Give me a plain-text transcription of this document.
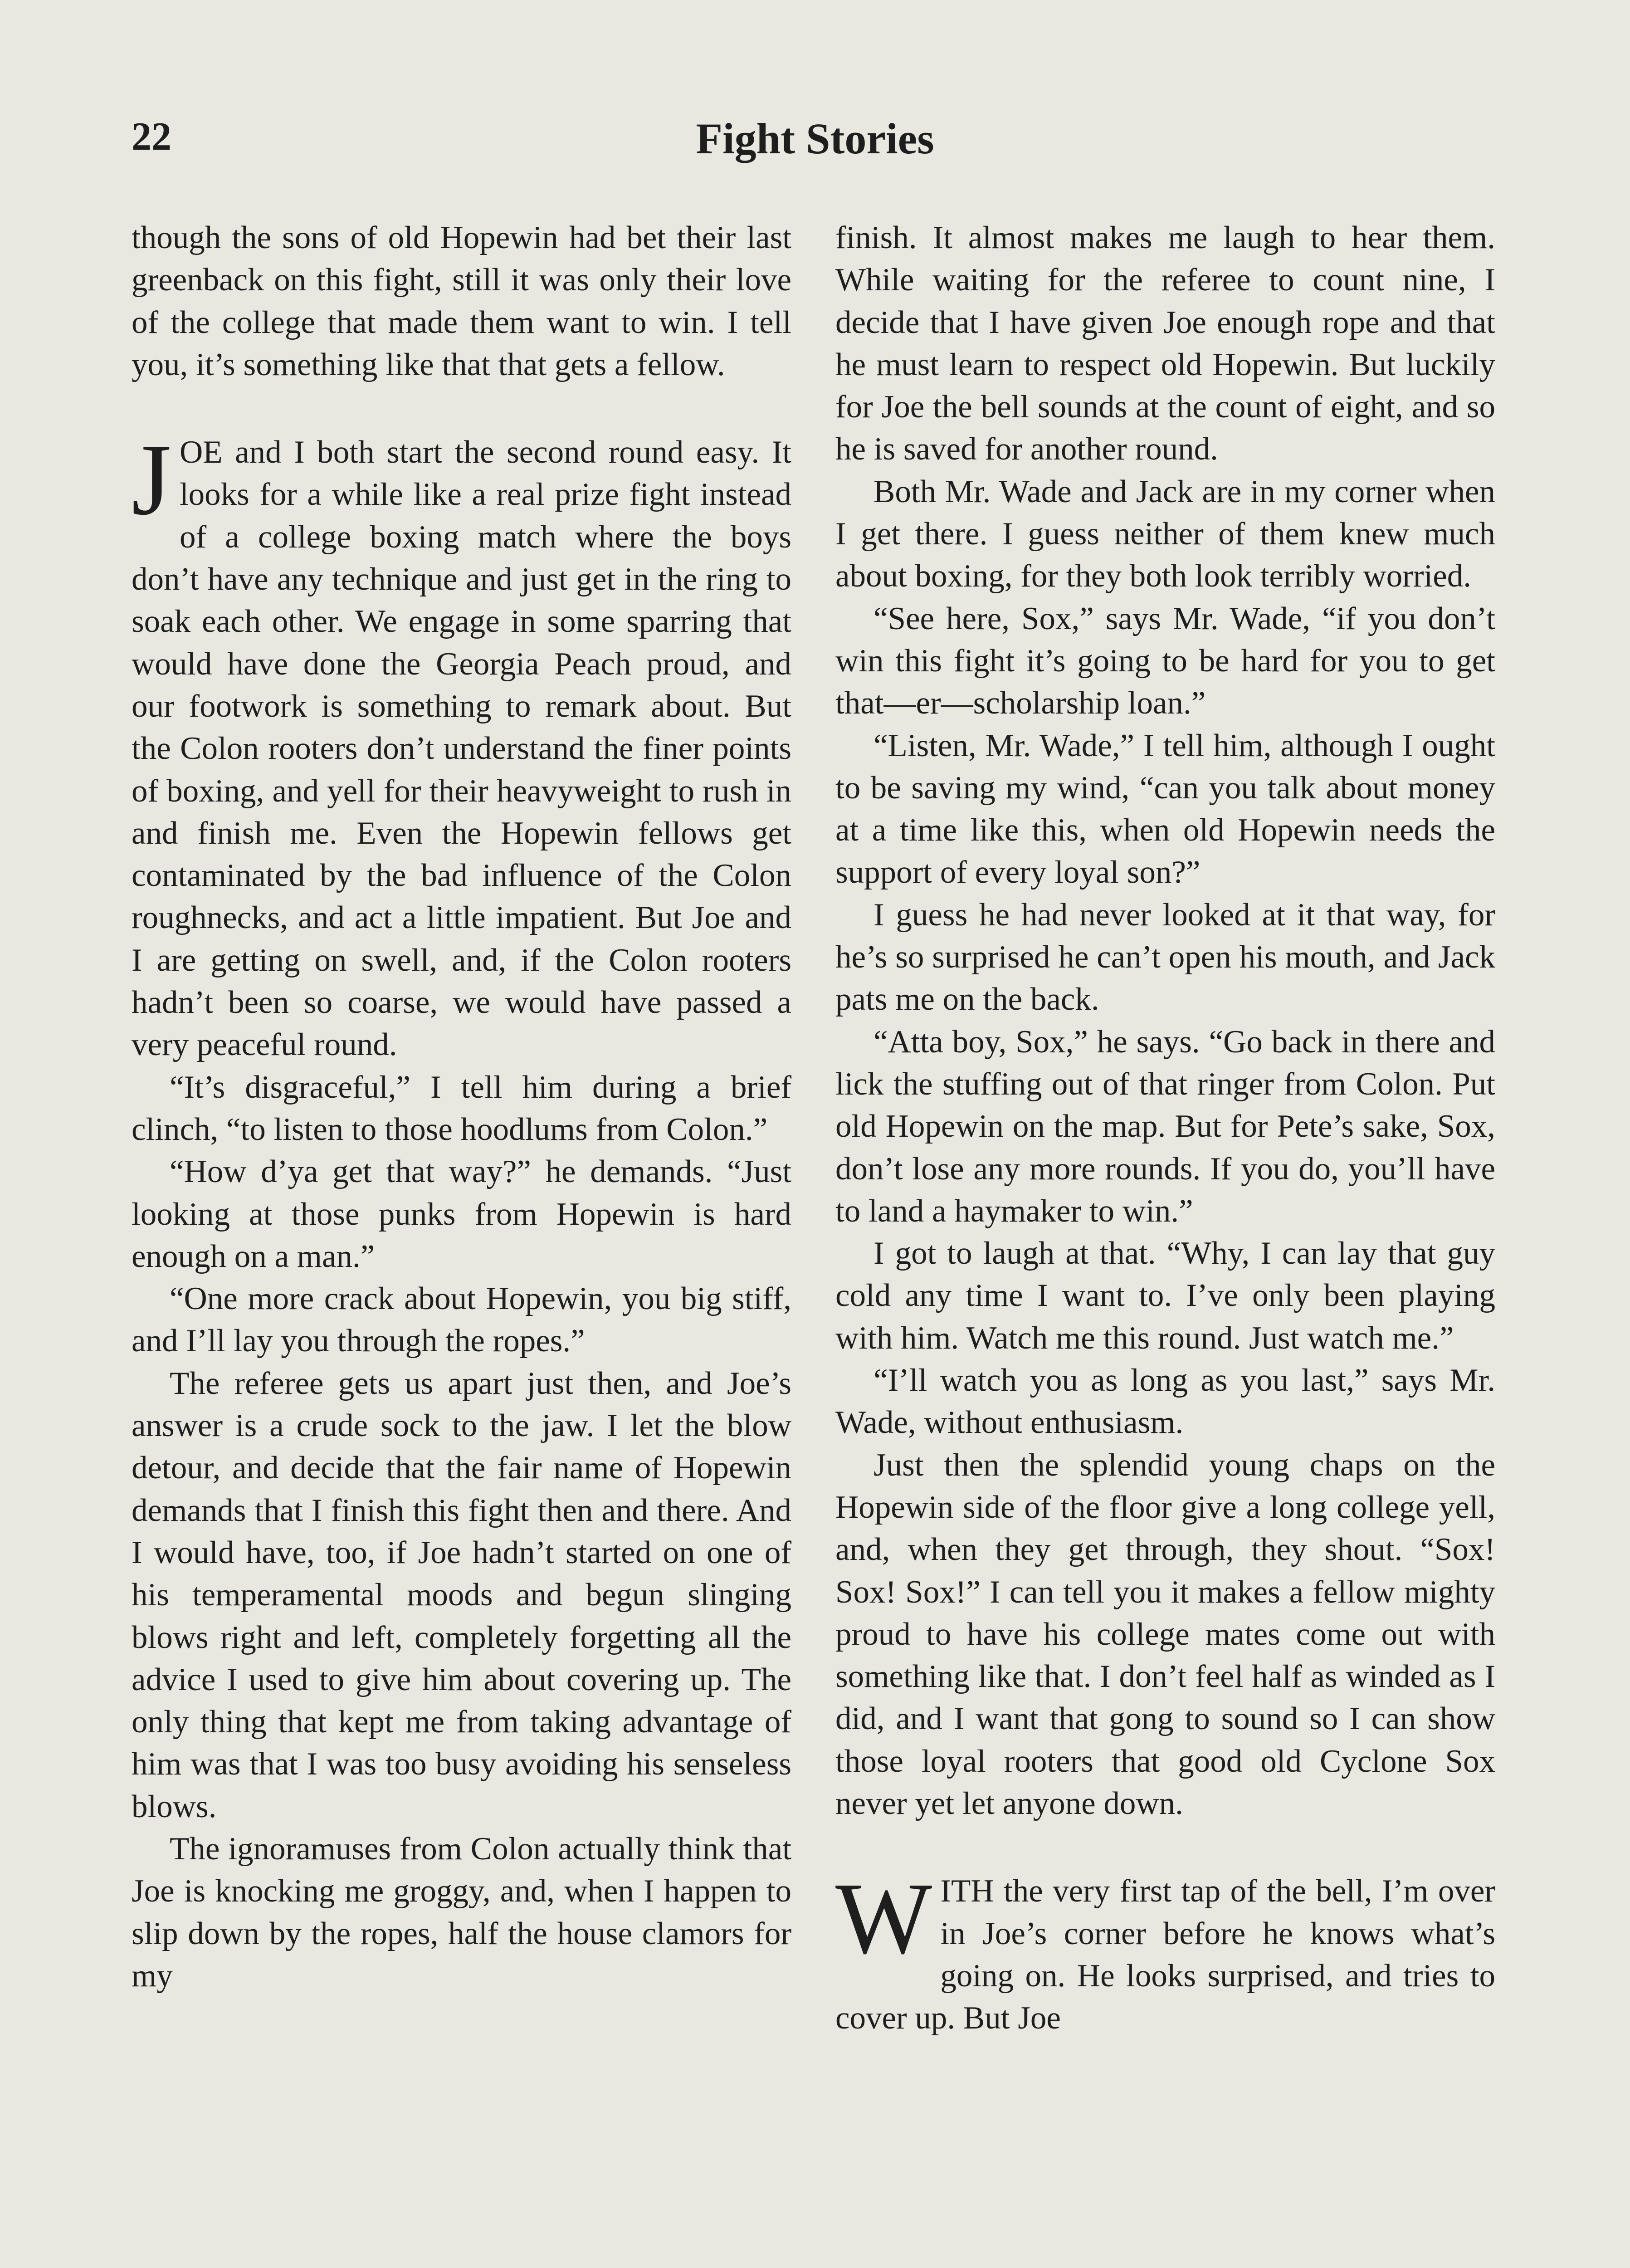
22	Fight Stories

though the sons of old Hopewin had bet their last greenback on this fight, still it was only their love of the college that made them want to win. I tell you, it’s something like that that gets a fellow.

JOE and I both start the second round easy. It looks for a while like a real prize fight instead of a college boxing match where the boys don’t have any technique and just get in the ring to soak each other. We engage in some sparring that would have done the Georgia Peach proud, and our footwork is something to remark about. But the Colon rooters don’t understand the finer points of boxing, and yell for their heavyweight to rush in and finish me. Even the Hopewin fellows get contaminated by the bad influence of the Colon roughnecks, and act a little impatient. But Joe and I are getting on swell, and, if the Colon rooters hadn’t been so coarse, we would have passed a very peaceful round.

“It’s disgraceful,” I tell him during a brief clinch, “to listen to those hoodlums from Colon.”

“How d’ya get that way?” he demands. “Just looking at those punks from Hopewin is hard enough on a man.”

“One more crack about Hopewin, you big stiff, and I’ll lay you through the ropes.”

The referee gets us apart just then, and Joe’s answer is a crude sock to the jaw. I let the blow detour, and decide that the fair name of Hopewin demands that I finish this fight then and there. And I would have, too, if Joe hadn’t started on one of his temperamental moods and begun slinging blows right and left, completely forgetting all the advice I used to give him about covering up. The only thing that kept me from taking advantage of him was that I was too busy avoiding his senseless blows.

The ignoramuses from Colon actually think that Joe is knocking me groggy, and, when I happen to slip down by the ropes, half the house clamors for my

finish. It almost makes me laugh to hear them. While waiting for the referee to count nine, I decide that I have given Joe enough rope and that he must learn to respect old Hopewin. But luckily for Joe the bell sounds at the count of eight, and so he is saved for another round.

Both Mr. Wade and Jack are in my corner when I get there. I guess neither of them knew much about boxing, for they both look terribly worried.

“See here, Sox,” says Mr. Wade, “if you don’t win this fight it’s going to be hard for you to get that—er—scholarship loan.”

“Listen, Mr. Wade,” I tell him, although I ought to be saving my wind, “can you talk about money at a time like this, when old Hopewin needs the support of every loyal son?”

I guess he had never looked at it that way, for he’s so surprised he can’t open his mouth, and Jack pats me on the back.

“Atta boy, Sox,” he says. “Go back in there and lick the stuffing out of that ringer from Colon. Put old Hopewin on the map. But for Pete’s sake, Sox, don’t lose any more rounds. If you do, you’ll have to land a haymaker to win.”

I got to laugh at that. “Why, I can lay that guy cold any time I want to. I’ve only been playing with him. Watch me this round. Just watch me.”

“I’ll watch you as long as you last,” says Mr. Wade, without enthusiasm.

Just then the splendid young chaps on the Hopewin side of the floor give a long college yell, and, when they get through, they shout. “Sox! Sox! Sox!” I can tell you it makes a fellow mighty proud to have his college mates come out with something like that. I don’t feel half as winded as I did, and I want that gong to sound so I can show those loyal rooters that good old Cyclone Sox never yet let anyone down.

WITH the very first tap of the bell, I’m over in Joe’s corner before he knows what’s going on. He looks surprised, and tries to cover up. But Joe
